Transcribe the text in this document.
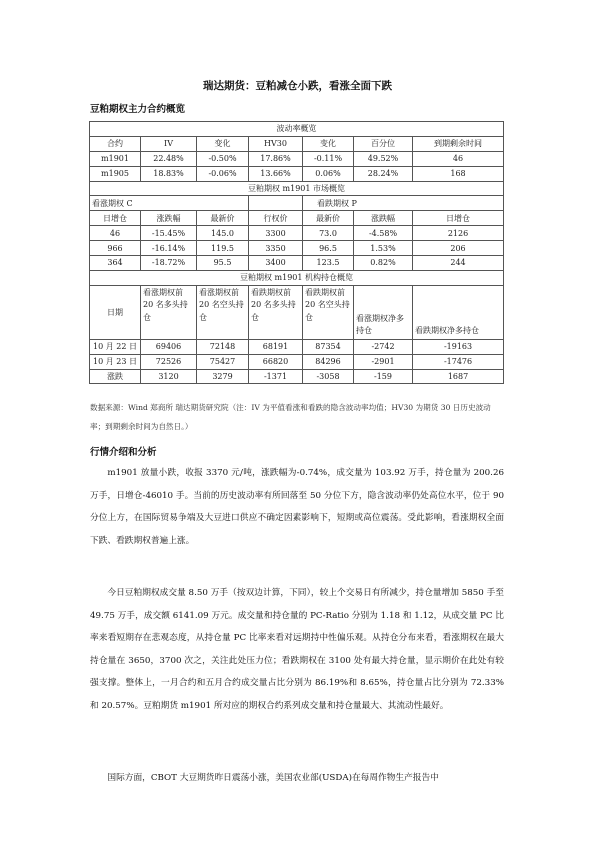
瑞达期货：豆粕减仓小跌，看涨全面下跌
豆粕期权主力合约概览
波动率概览						
合约	IV	变化	HV30	变化	百分位	到期剩余时间
m1901	22.48%	-0.50%	17.86%	-0.11%	49.52%	46
m1905	18.83%	-0.06%	13.66%	0.06%	28.24%	168
豆粕期权 m1901 市场概览						
看涨期权 C				看跌期权 P		
日增仓	涨跌幅	最新价	行权价	最新价	涨跌幅	日增仓
46	-15.45%	145.0	3300	73.0	-4.58%	2126
966	-16.14%	119.5	3350	96.5	1.53%	206
364	-18.72%	95.5	3400	123.5	0.82%	244
豆粕期权 m1901 机构持仓概览						
日期	看涨期权前 20 名多头持仓	看涨期权前 20 名空头持仓	看跌期权前 20 名多头持仓	看跌期权前 20 名空头持仓	看涨期权净多持仓	看跌期权净多持仓
10 月 22 日	69406	72148	68191	87354	-2742	-19163
10 月 23 日	72526	75427	66820	84296	-2901	-17476
涨跌	3120	3279	-1371	-3058	-159	1687
数据来源：Wind 郑商所 瑞达期货研究院（注：IV 为平值看涨和看跌的隐含波动率均值；HV30 为期货 30 日历史波动率；到期剩余时间为自然日。）
行情介绍和分析

m1901 放量小跌，收报 3370 元/吨，涨跌幅为-0.74%，成交量为 103.92 万手，持仓量为 200.26 万手，日增仓-46010 手。当前的历史波动率有所回落至 50 分位下方，隐含波动率仍处高位水平，位于 90 分位上方，在国际贸易争端及大豆进口供应不确定因素影响下，短期或高位震荡。受此影响，看涨期权全面下跌、看跌期权普遍上涨。

今日豆粕期权成交量 8.50 万手（按双边计算，下同），较上个交易日有所减少，持仓量增加 5850 手至 49.75 万手，成交额 6141.09 万元。成交量和持仓量的 PC-Ratio 分别为 1.18 和 1.12，从成交量 PC 比率来看短期存在悲观态度，从持仓量 PC 比率来看对远期持中性偏乐观。从持仓分布来看，看涨期权在最大持仓量在 3650，3700 次之，关注此处压力位；看跌期权在 3100 处有最大持仓量，显示期价在此处有较强支撑。整体上，一月合约和五月合约成交量占比分别为 86.19%和 8.65%，持仓量占比分别为 72.33%和 20.57%。豆粕期货 m1901 所对应的期权合约系列成交量和持仓量最大、其流动性最好。

国际方面，CBOT 大豆期货昨日震荡小涨，美国农业部(USDA)在每周作物生产报告中
